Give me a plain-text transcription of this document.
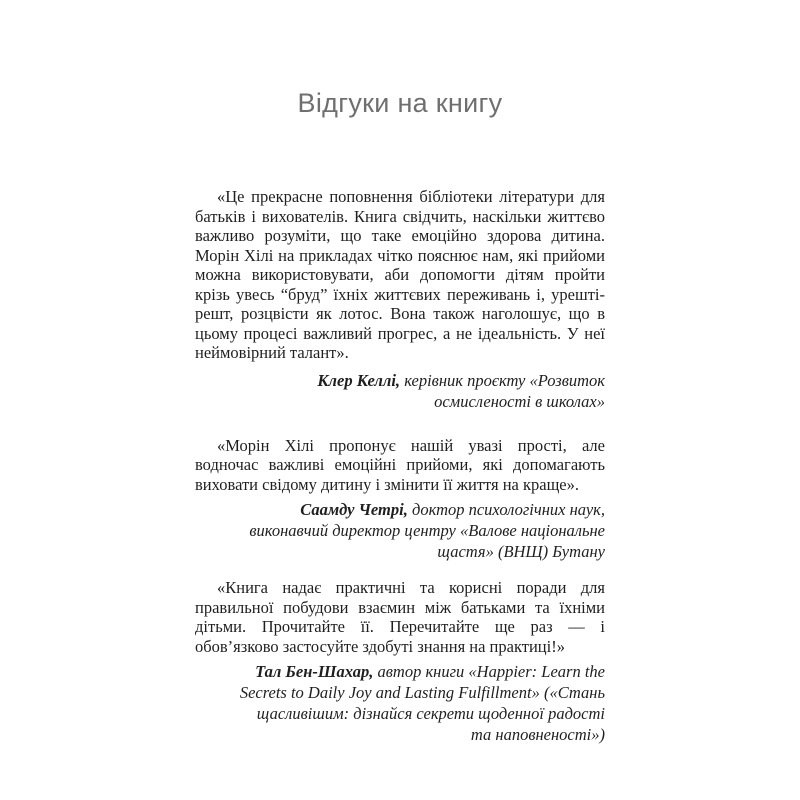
Відгуки на книгу

«Це прекрасне поповнення бібліотеки літератури для батьків і вихователів. Книга свідчить, наскільки життєво важливо розуміти, що таке емоційно здорова дитина. Морін Хілі на прикладах чітко пояснює нам, які прийоми можна використовувати, аби допомогти дітям пройти крізь увесь “бруд” їхніх життєвих переживань і, урешті-решт, розцвісти як лотос. Вона також наголошує, що в цьому процесі важливий прогрес, а не ідеальність. У неї неймовірний талант».

Клер Келлі, керівник проєкту «Розвиток осмисленості в школах»

«Морін Хілі пропонує нашій увазі прості, але водночас важливі емоційні прийоми, які допомагають виховати свідому дитину і змінити її життя на краще».

Саамду Четрі, доктор психологічних наук, виконавчий директор центру «Валове національне щастя» (ВНЩ) Бутану

«Книга надає практичні та корисні поради для правильної побудови взаємин між батьками та їхніми дітьми. Прочитайте її. Перечитайте ще раз — і обов’язково застосуйте здобуті знання на практиці!»

Тал Бен-Шахар, автор книги «Happier: Learn the Secrets to Daily Joy and Lasting Fulfillment» («Стань щасливішим: дізнайся секрети щоденної радості та наповненості»)
